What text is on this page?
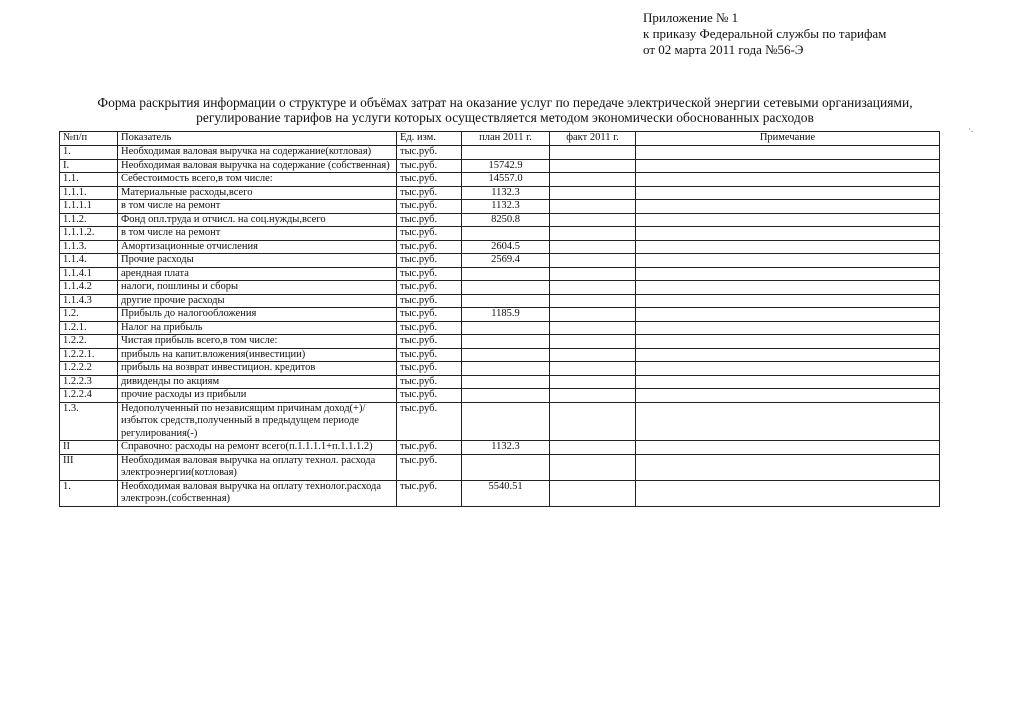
Приложение № 1
к приказу Федеральной службы по тарифам
от 02 марта 2011 года №56-Э
Форма раскрытия информации о структуре и объёмах затрат на оказание услуг по передаче электрической энергии сетевыми организациями,
регулирование тарифов на услуги которых осуществляется методом экономически обоснованных расходов
·.
№п/п	Показатель	Ед. изм.	план 2011 г.	факт 2011 г.	Примечание
1.	Необходимая валовая выручка на содержание(котловая)	тыс.руб.			
I.	Необходимая валовая выручка на содержание (собственная)	тыс.руб.	15742.9		
1.1.	Себестоимость всего,в том числе:	тыс.руб.	14557.0		
1.1.1.	Материальные расходы,всего	тыс.руб.	1132.3		
1.1.1.1	в том числе на ремонт	тыс.руб.	1132.3		
1.1.2.	Фонд опл.труда и отчисл. на соц.нужды,всего	тыс.руб.	8250.8		
1.1.1.2.	в том числе на ремонт	тыс.руб.			
1.1.3.	Амортизационные отчисления	тыс.руб.	2604.5		
1.1.4.	Прочие расходы	тыс.руб.	2569.4		
1.1.4.1	арендная плата	тыс.руб.			
1.1.4.2	налоги, пошлины и сборы	тыс.руб.			
1.1.4.3	другие прочие расходы	тыс.руб.			
1.2.	Прибыль до налогообложения	тыс.руб.	1185.9		
1.2.1.	Налог на прибыль	тыс.руб.			
1.2.2.	Чистая прибыль всего,в том числе:	тыс.руб.			
1.2.2.1.	прибыль на капит.вложения(инвестиции)	тыс.руб.			
1.2.2.2	прибыль на возврат инвестицион. кредитов	тыс.руб.			
1.2.2.3	дивиденды по акциям	тыс.руб.			
1.2.2.4	прочие расходы из прибыли	тыс.руб.			
1.3.	Недополученный по независящим причинам доход(+)/избыток средств,полученный в предыдущем периоде регулирования(-)	тыс.руб.			
II	Справочно: расходы на ремонт всего(п.1.1.1.1+п.1.1.1.2)	тыс.руб.	1132.3		
III	Необходимая валовая выручка на оплату технол. расхода электроэнергии(котловая)	тыс.руб.			
1.	Необходимая валовая выручка на оплату технолог.расхода электроэн.(собственная)	тыс.руб.	5540.51		
